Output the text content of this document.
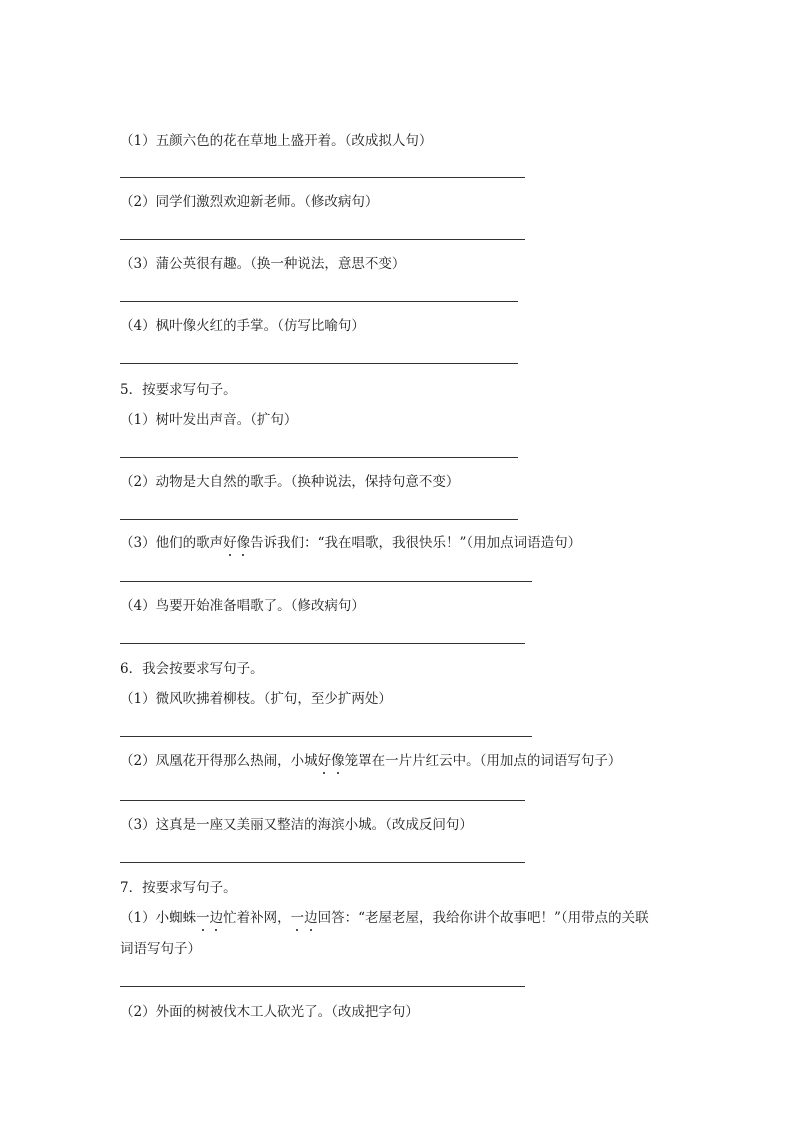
（1）五颜六色的花在草地上盛开着。（改成拟人句）
（2）同学们激烈欢迎新老师。（修改病句）
（3）蒲公英很有趣。（换一种说法，意思不变）
（4）枫叶像火红的手掌。（仿写比喻句）
5．按要求写句子。
（1）树叶发出声音。（扩句）
（2）动物是大自然的歌手。（换种说法，保持句意不变）
（3）他们的歌声好像告诉我们：“我在唱歌，我很快乐！”（用加点词语造句）
（4）鸟要开始准备唱歌了。（修改病句）
6．我会按要求写句子。
（1）微风吹拂着柳枝。（扩句，至少扩两处）
（2）凤凰花开得那么热闹，小城好像笼罩在一片片红云中。（用加点的词语写句子）
（3）这真是一座又美丽又整洁的海滨小城。（改成反问句）
7．按要求写句子。
（1）小蜘蛛一边忙着补网，一边回答：“老屋老屋，我给你讲个故事吧！”（用带点的关联
词语写句子）
（2）外面的树被伐木工人砍光了。（改成把字句）
